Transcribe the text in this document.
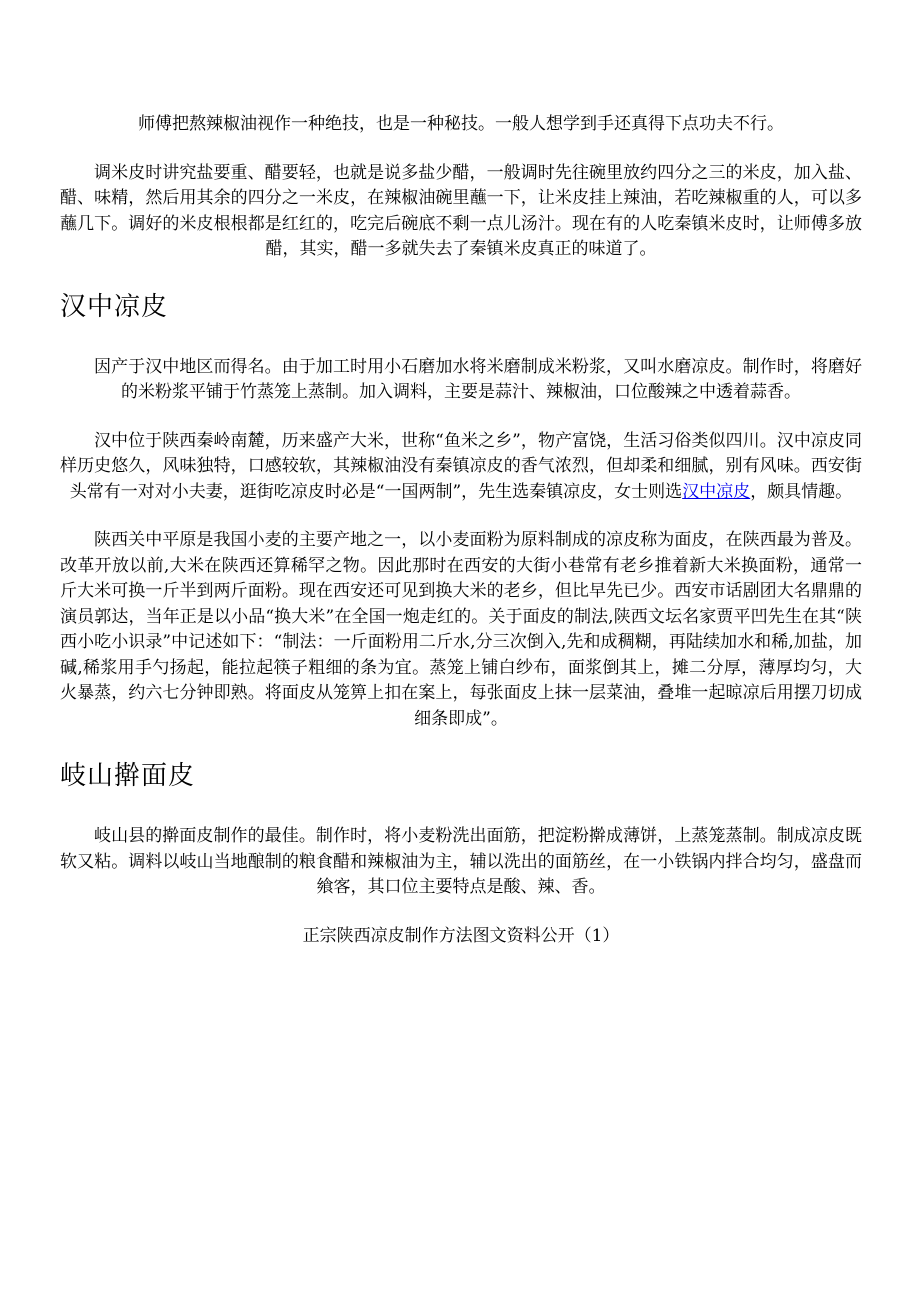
师傅把熬辣椒油视作一种绝技，也是一种秘技。一般人想学到手还真得下点功夫不行。

调米皮时讲究盐要重、醋要轻，也就是说多盐少醋，一般调时先往碗里放约四分之三的米皮，加入盐、醋、味精，然后用其余的四分之一米皮，在辣椒油碗里蘸一下，让米皮挂上辣油，若吃辣椒重的人，可以多蘸几下。调好的米皮根根都是红红的，吃完后碗底不剩一点儿汤汁。现在有的人吃秦镇米皮时，让师傅多放醋，其实，醋一多就失去了秦镇米皮真正的味道了。

汉中凉皮

因产于汉中地区而得名。由于加工时用小石磨加水将米磨制成米粉浆，又叫水磨凉皮。制作时，将磨好的米粉浆平铺于竹蒸笼上蒸制。加入调料，主要是蒜汁、辣椒油，口位酸辣之中透着蒜香。

汉中位于陕西秦岭南麓，历来盛产大米，世称“鱼米之乡”，物产富饶，生活习俗类似四川。汉中凉皮同样历史悠久，风味独特，口感较软，其辣椒油没有秦镇凉皮的香气浓烈，但却柔和细腻，别有风味。西安街头常有一对对小夫妻，逛街吃凉皮时必是“一国两制”，先生选秦镇凉皮，女士则选汉中凉皮，颇具情趣。

陕西关中平原是我国小麦的主要产地之一，以小麦面粉为原料制成的凉皮称为面皮，在陕西最为普及。改革开放以前,大米在陕西还算稀罕之物。因此那时在西安的大街小巷常有老乡推着新大米换面粉，通常一斤大米可换一斤半到两斤面粉。现在西安还可见到换大米的老乡，但比早先已少。西安市话剧团大名鼎鼎的演员郭达，当年正是以小品“换大米”在全国一炮走红的。关于面皮的制法,陕西文坛名家贾平凹先生在其“陕西小吃小识录”中记述如下：“制法：一斤面粉用二斤水,分三次倒入,先和成稠糊，再陆续加水和稀,加盐，加碱,稀浆用手勺扬起，能拉起筷子粗细的条为宜。蒸笼上铺白纱布，面浆倒其上，摊二分厚，薄厚均匀，大火暴蒸，约六七分钟即熟。将面皮从笼箅上扣在案上，每张面皮上抹一层菜油，叠堆一起晾凉后用摆刀切成细条即成”。

岐山擀面皮

岐山县的擀面皮制作的最佳。制作时，将小麦粉洗出面筋，把淀粉擀成薄饼，上蒸笼蒸制。制成凉皮既软又粘。调料以岐山当地酿制的粮食醋和辣椒油为主，辅以洗出的面筋丝，在一小铁锅内拌合均匀，盛盘而飨客，其口位主要特点是酸、辣、香。

正宗陕西凉皮制作方法图文资料公开（1）
